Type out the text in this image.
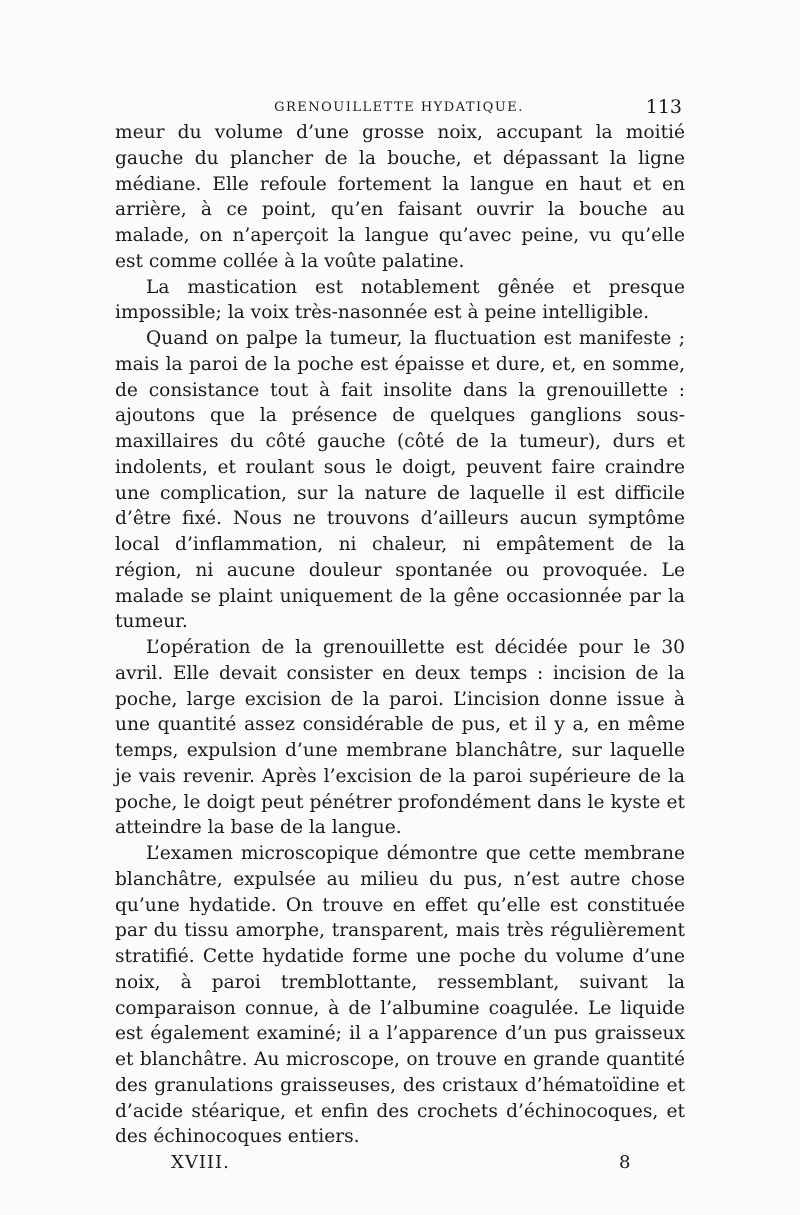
GRENOUILLETTE HYDATIQUE.	113

meur du volume d’une grosse noix, accupant la moitié gauche du plancher de la bouche, et dépassant la ligne médiane. Elle refoule fortement la langue en haut et en arrière, à ce point, qu’en faisant ouvrir la bouche au malade, on n’aperçoit la langue qu’avec peine, vu qu’elle est comme collée à la voûte palatine.

La mastication est notablement gênée et presque impossible; la voix très-nasonnée est à peine intelligible.

Quand on palpe la tumeur, la fluctuation est manifeste ; mais la paroi de la poche est épaisse et dure, et, en somme, de consistance tout à fait insolite dans la grenouillette : ajoutons que la présence de quelques ganglions sous-maxillaires du côté gauche (côté de la tumeur), durs et indolents, et roulant sous le doigt, peuvent faire craindre une complication, sur la nature de laquelle il est difficile d’être fixé. Nous ne trouvons d’ailleurs aucun symptôme local d’inflammation, ni chaleur, ni empâtement de la région, ni aucune douleur spontanée ou provoquée. Le malade se plaint uniquement de la gêne occasionnée par la tumeur.

L’opération de la grenouillette est décidée pour le 30 avril. Elle devait consister en deux temps : incision de la poche, large excision de la paroi. L’incision donne issue à une quantité assez considérable de pus, et il y a, en même temps, expulsion d’une membrane blanchâtre, sur laquelle je vais revenir. Après l’excision de la paroi supérieure de la poche, le doigt peut pénétrer profondément dans le kyste et atteindre la base de la langue.

L’examen microscopique démontre que cette membrane blanchâtre, expulsée au milieu du pus, n’est autre chose qu’une hydatide. On trouve en effet qu’elle est constituée par du tissu amorphe, transparent, mais très régulièrement stratifié. Cette hydatide forme une poche du volume d’une noix, à paroi tremblottante, ressemblant, suivant la comparaison connue, à de l’albumine coagulée. Le liquide est également examiné; il a l’apparence d’un pus graisseux et blanchâtre. Au microscope, on trouve en grande quantité des granulations graisseuses, des cristaux d’hématoïdine et d’acide stéarique, et enfin des crochets d’échinocoques, et des échinocoques entiers.

XVIII.	8
